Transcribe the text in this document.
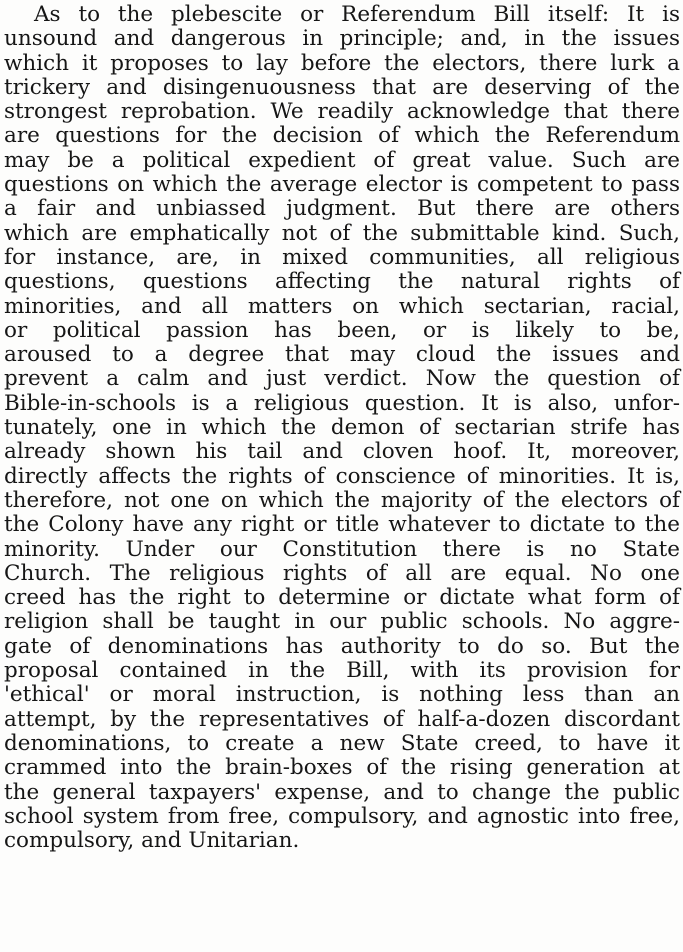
As to the plebescite or Referendum Bill itself: It is
unsound and dangerous in principle; and, in the issues
which it proposes to lay before the electors, there lurk a
trickery and disingenuousness that are deserving of the
strongest reprobation. We readily acknowledge that there
are questions for the decision of which the Referendum
may be a political expedient of great value. Such are
questions on which the average elector is competent to pass
a fair and unbiassed judgment. But there are others
which are emphatically not of the submittable kind. Such,
for instance, are, in mixed communities, all religious
questions, questions affecting the natural rights of
minorities, and all matters on which sectarian, racial,
or political passion has been, or is likely to be,
aroused to a degree that may cloud the issues and
prevent a calm and just verdict. Now the question of
Bible-in-schools is a religious question. It is also, unfor-
tunately, one in which the demon of sectarian strife has
already shown his tail and cloven hoof. It, moreover,
directly affects the rights of conscience of minorities. It is,
therefore, not one on which the majority of the electors of
the Colony have any right or title whatever to dictate to the
minority. Under our Constitution there is no State
Church. The religious rights of all are equal. No one
creed has the right to determine or dictate what form of
religion shall be taught in our public schools. No aggre-
gate of denominations has authority to do so. But the
proposal contained in the Bill, with its provision for
'ethical' or moral instruction, is nothing less than an
attempt, by the representatives of half-a-dozen discordant
denominations, to create a new State creed, to have it
crammed into the brain-boxes of the rising generation at
the general taxpayers' expense, and to change the public
school system from free, compulsory, and agnostic into free,
compulsory, and Unitarian.
